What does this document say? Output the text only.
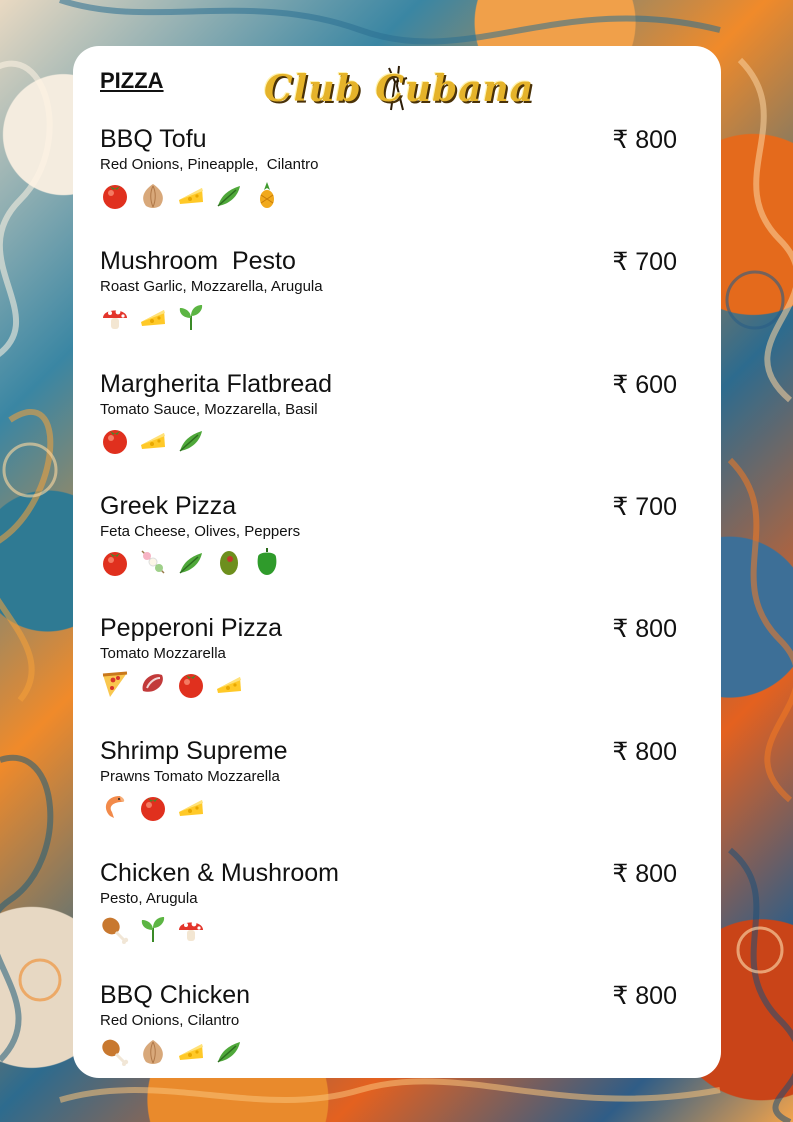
PIZZA	Club Cubana
BBQ Tofu	₹ 800
Red Onions, Pineapple,  Cilantro
Mushroom  Pesto	₹ 700
Roast Garlic, Mozzarella, Arugula
Margherita Flatbread	₹ 600
Tomato Sauce, Mozzarella, Basil
Greek Pizza	₹ 700
Feta Cheese, Olives, Peppers
Pepperoni Pizza	₹ 800
Tomato Mozzarella
Shrimp Supreme	₹ 800
Prawns Tomato Mozzarella
Chicken & Mushroom	₹ 800
Pesto, Arugula
BBQ Chicken	₹ 800
Red Onions, Cilantro
